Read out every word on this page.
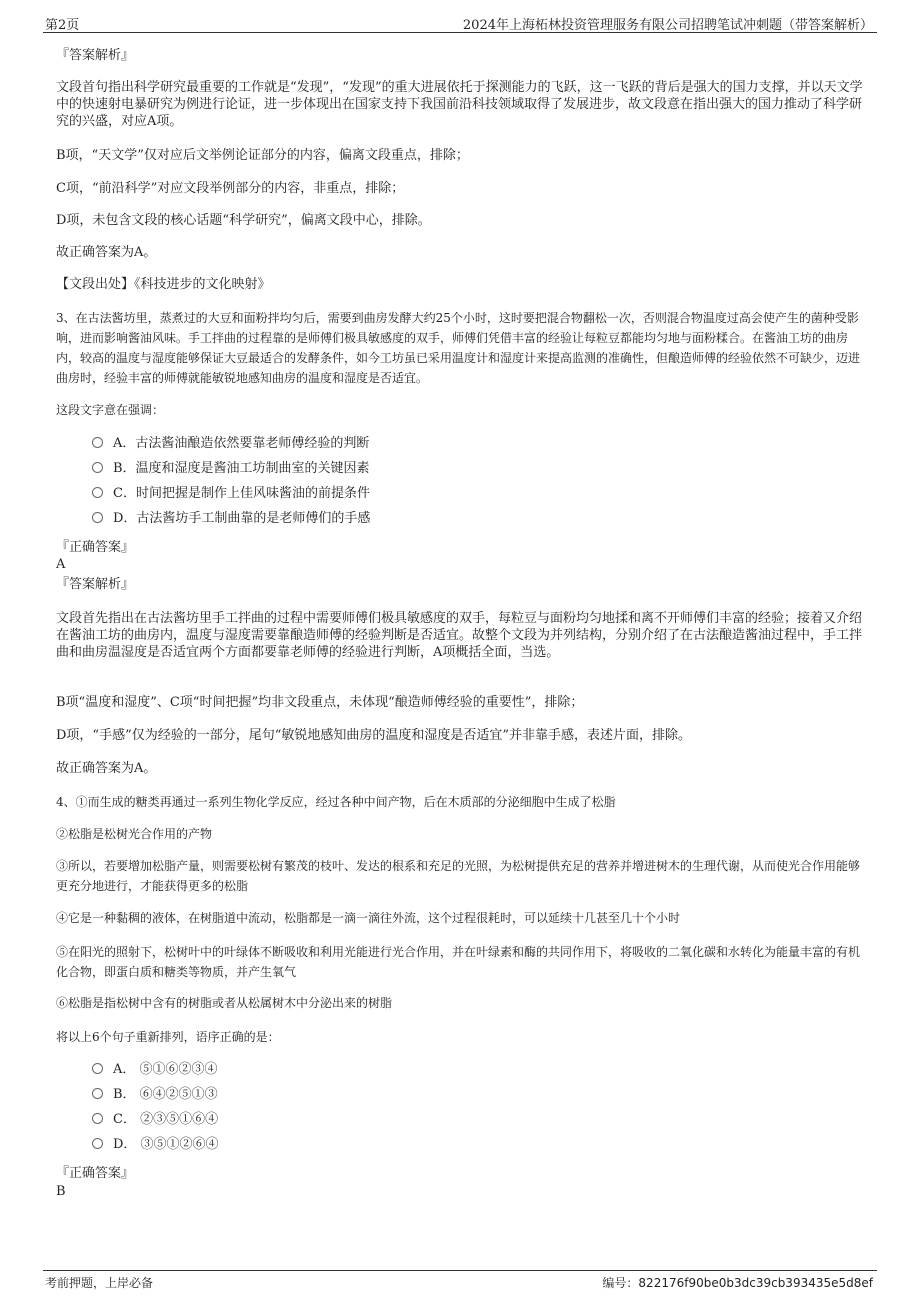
第2页	2024年上海柘林投资管理服务有限公司招聘笔试冲刺题（带答案解析）
『答案解析』
文段首句指出科学研究最重要的工作就是“发现”，“发现”的重大进展依托于探测能力的飞跃，这一飞跃的背后是强大的国力支撑，并以天文学中的快速射电暴研究为例进行论证，进一步体现出在国家支持下我国前沿科技领域取得了发展进步，故文段意在指出强大的国力推动了科学研究的兴盛，对应A项。
B项，“天文学”仅对应后文举例论证部分的内容，偏离文段重点，排除；
C项，“前沿科学”对应文段举例部分的内容，非重点，排除；
D项，未包含文段的核心话题“科学研究”，偏离文段中心，排除。
故正确答案为A。
【文段出处】《科技进步的文化映射》
3、在古法酱坊里，蒸煮过的大豆和面粉拌均匀后，需要到曲房发酵大约25个小时，这时要把混合物翻松一次，否则混合物温度过高会使产生的菌种受影响，进而影响酱油风味。手工拌曲的过程靠的是师傅们极具敏感度的双手，师傅们凭借丰富的经验让每粒豆都能均匀地与面粉糅合。在酱油工坊的曲房内，较高的温度与湿度能够保证大豆最适合的发酵条件，如今工坊虽已采用温度计和湿度计来提高监测的准确性，但酿造师傅的经验依然不可缺少，迈进曲房时，经验丰富的师傅就能敏锐地感知曲房的温度和湿度是否适宜。
这段文字意在强调：
A．古法酱油酿造依然要靠老师傅经验的判断
B．温度和湿度是酱油工坊制曲室的关键因素
C．时间把握是制作上佳风味酱油的前提条件
D．古法酱坊手工制曲靠的是老师傅们的手感
『正确答案』
A
『答案解析』
文段首先指出在古法酱坊里手工拌曲的过程中需要师傅们极具敏感度的双手，每粒豆与面粉均匀地揉和离不开师傅们丰富的经验；接着又介绍在酱油工坊的曲房内，温度与湿度需要靠酿造师傅的经验判断是否适宜。故整个文段为并列结构，分别介绍了在古法酿造酱油过程中，手工拌曲和曲房温湿度是否适宜两个方面都要靠老师傅的经验进行判断，A项概括全面，当选。
B项“温度和湿度”、C项“时间把握”均非文段重点，未体现“酿造师傅经验的重要性”，排除；
D项，“手感”仅为经验的一部分，尾句“敏锐地感知曲房的温度和湿度是否适宜”并非靠手感，表述片面，排除。
故正确答案为A。
4、①而生成的糖类再通过一系列生物化学反应，经过各种中间产物，后在木质部的分泌细胞中生成了松脂
②松脂是松树光合作用的产物
③所以，若要增加松脂产量，则需要松树有繁茂的枝叶、发达的根系和充足的光照，为松树提供充足的营养并增进树木的生理代谢，从而使光合作用能够更充分地进行，才能获得更多的松脂
④它是一种黏稠的液体，在树脂道中流动，松脂都是一滴一滴往外流，这个过程很耗时，可以延续十几甚至几十个小时
⑤在阳光的照射下，松树叶中的叶绿体不断吸收和利用光能进行光合作用，并在叶绿素和酶的共同作用下，将吸收的二氧化碳和水转化为能量丰富的有机化合物，即蛋白质和糖类等物质，并产生氧气
⑥松脂是指松树中含有的树脂或者从松属树木中分泌出来的树脂
将以上6个句子重新排列，语序正确的是：
A． ⑤①⑥②③④
B． ⑥④②⑤①③
C． ②③⑤①⑥④
D． ③⑤①②⑥④
『正确答案』
B
考前押题，上岸必备	编号：822176f90be0b3dc39cb393435e5d8ef
